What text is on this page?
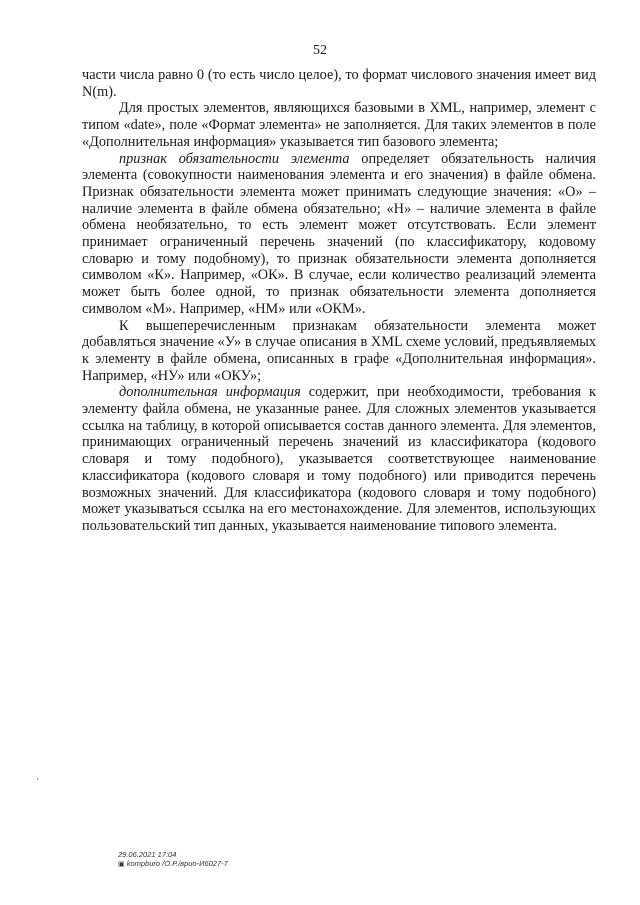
52

части числа равно 0 (то есть число целое), то формат числового значения имеет вид N(m).

Для простых элементов, являющихся базовыми в XML, например, элемент с типом «date», поле «Формат элемента» не заполняется. Для таких элементов в поле «Дополнительная информация» указывается тип базового элемента;

признак обязательности элемента определяет обязательность наличия элемента (совокупности наименования элемента и его значения) в файле обмена. Признак обязательности элемента может принимать следующие значения: «О» – наличие элемента в файле обмена обязательно; «Н» – наличие элемента в файле обмена необязательно, то есть элемент может отсутствовать. Если элемент принимает ограниченный перечень значений (по классификатору, кодовому словарю и тому подобному), то признак обязательности элемента дополняется символом «К». Например, «ОК». В случае, если количество реализаций элемента может быть более одной, то признак обязательности элемента дополняется символом «М». Например, «НМ» или «ОКМ».

К вышеперечисленным признакам обязательности элемента может добавляться значение «У» в случае описания в XML схеме условий, предъявляемых к элементу в файле обмена, описанных в графе «Дополнительная информация». Например, «НУ» или «ОКУ»;

дополнительная информация содержит, при необходимости, требования к элементу файла обмена, не указанные ранее. Для сложных элементов указывается ссылка на таблицу, в которой описывается состав данного элемента. Для элементов, принимающих ограниченный перечень значений из классификатора (кодового словаря и тому подобного), указывается соответствующее наименование классификатора (кодового словаря и тому подобного) или приводится перечень возможных значений. Для классификатора (кодового словаря и тому подобного) может указываться ссылка на его местонахождение. Для элементов, использующих пользовательский тип данных, указывается наименование типового элемента.

29.06.2021 17:04
▣ kompburo /О.Р./врио-И6027-7
